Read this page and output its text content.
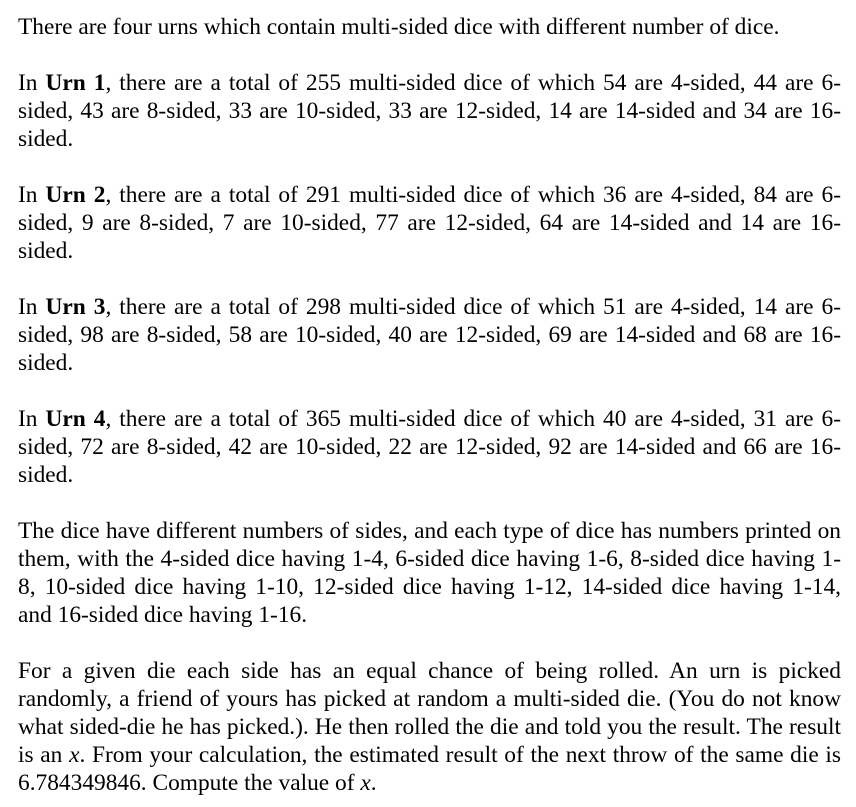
There are four urns which contain multi-sided dice with different number of dice.

In Urn 1, there are a total of 255 multi-sided dice of which 54 are 4-sided, 44 are 6-sided, 43 are 8-sided, 33 are 10-sided, 33 are 12-sided, 14 are 14-sided and 34 are 16-sided.

In Urn 2, there are a total of 291 multi-sided dice of which 36 are 4-sided, 84 are 6-sided, 9 are 8-sided, 7 are 10-sided, 77 are 12-sided, 64 are 14-sided and 14 are 16-sided.

In Urn 3, there are a total of 298 multi-sided dice of which 51 are 4-sided, 14 are 6-sided, 98 are 8-sided, 58 are 10-sided, 40 are 12-sided, 69 are 14-sided and 68 are 16-sided.

In Urn 4, there are a total of 365 multi-sided dice of which 40 are 4-sided, 31 are 6-sided, 72 are 8-sided, 42 are 10-sided, 22 are 12-sided, 92 are 14-sided and 66 are 16-sided.

The dice have different numbers of sides, and each type of dice has numbers printed on them, with the 4-sided dice having 1-4, 6-sided dice having 1-6, 8-sided dice having 1-8, 10-sided dice having 1-10, 12-sided dice having 1-12, 14-sided dice having 1-14, and 16-sided dice having 1-16.

For a given die each side has an equal chance of being rolled. An urn is picked randomly, a friend of yours has picked at random a multi-sided die. (You do not know what sided-die he has picked.). He then rolled the die and told you the result. The result is an x. From your calculation, the estimated result of the next throw of the same die is 6.784349846. Compute the value of x.
